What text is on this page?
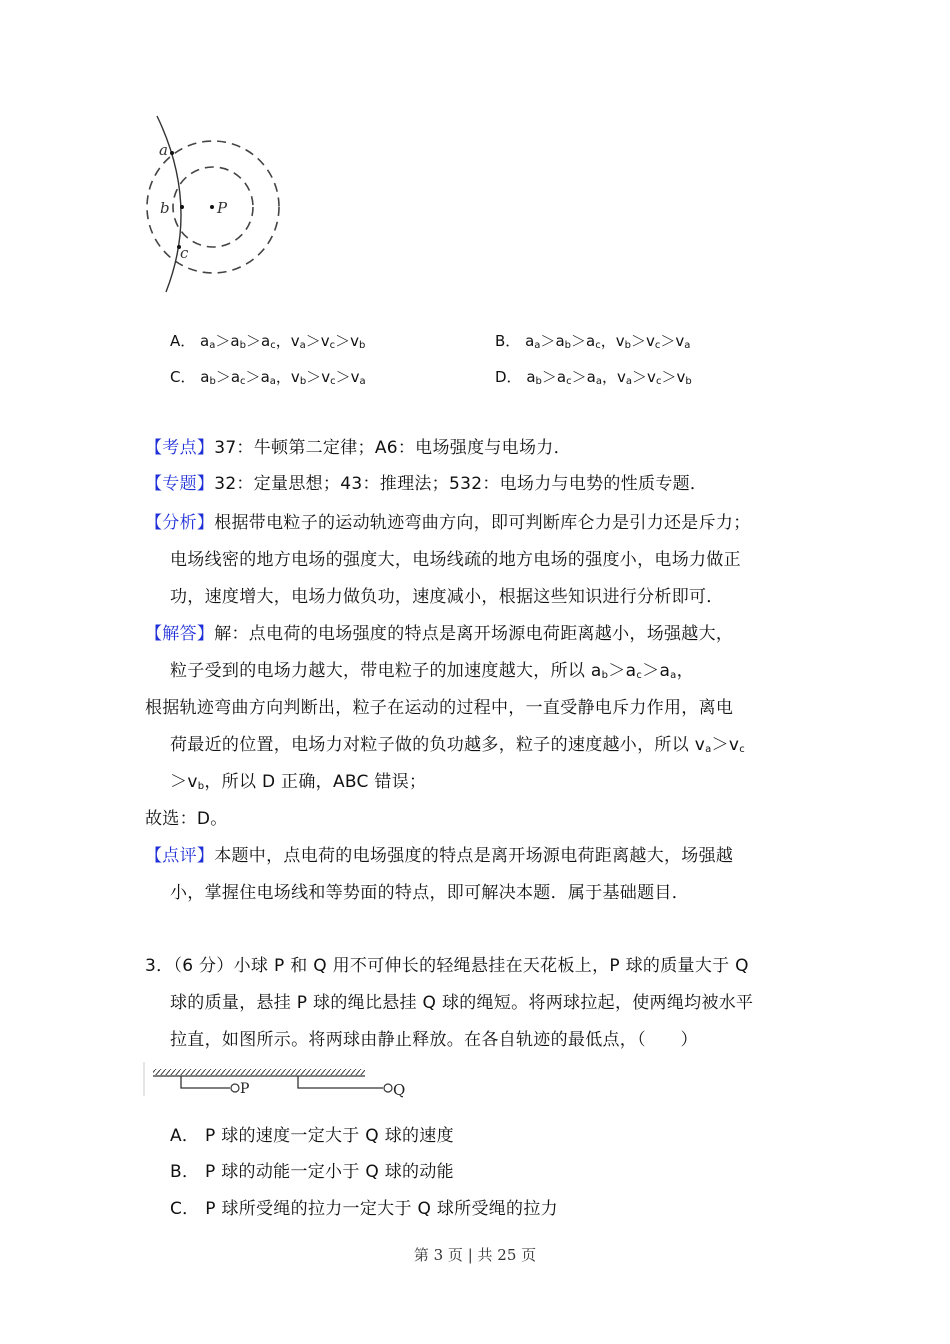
a
b
c
P
A． $a_a>a_b>a_c$，$v_a>v_c>v_b$	B． $a_a>a_b>a_c$，$v_b>v_c>v_a$
C． $a_b>a_c>a_a$，$v_b>v_c>v_a$	D． $a_b>a_c>a_a$，$v_a>v_c>v_b$
【考点】37：牛顿第二定律；A6：电场强度与电场力．
【专题】32：定量思想；43：推理法；532：电场力与电势的性质专题．
【分析】根据带电粒子的运动轨迹弯曲方向，即可判断库仑力是引力还是斥力；
电场线密的地方电场的强度大，电场线疏的地方电场的强度小，电场力做正
功，速度增大，电场力做负功，速度减小，根据这些知识进行分析即可．
【解答】解：点电荷的电场强度的特点是离开场源电荷距离越小，场强越大，
粒子受到的电场力越大，带电粒子的加速度越大，所以 $a_b>a_c>a_a$，
根据轨迹弯曲方向判断出，粒子在运动的过程中，一直受静电斥力作用，离电
荷最近的位置，电场力对粒子做的负功越多，粒子的速度越小，所以 $v_a>v_c$
$>v_b$，所以 D 正确，ABC 错误；
故选：D。
【点评】本题中，点电荷的电场强度的特点是离开场源电荷距离越大，场强越
小，掌握住电场线和等势面的特点，即可解决本题．属于基础题目．
3．（6 分）小球 P 和 Q 用不可伸长的轻绳悬挂在天花板上，P 球的质量大于 Q
球的质量，悬挂 P 球的绳比悬挂 Q 球的绳短。将两球拉起，使两绳均被水平
拉直，如图所示。将两球由静止释放。在各自轨迹的最低点，（　　）
P	Q
A． P 球的速度一定大于 Q 球的速度
B． P 球的动能一定小于 Q 球的动能
C． P 球所受绳的拉力一定大于 Q 球所受绳的拉力
第 3 页 | 共 25 页
